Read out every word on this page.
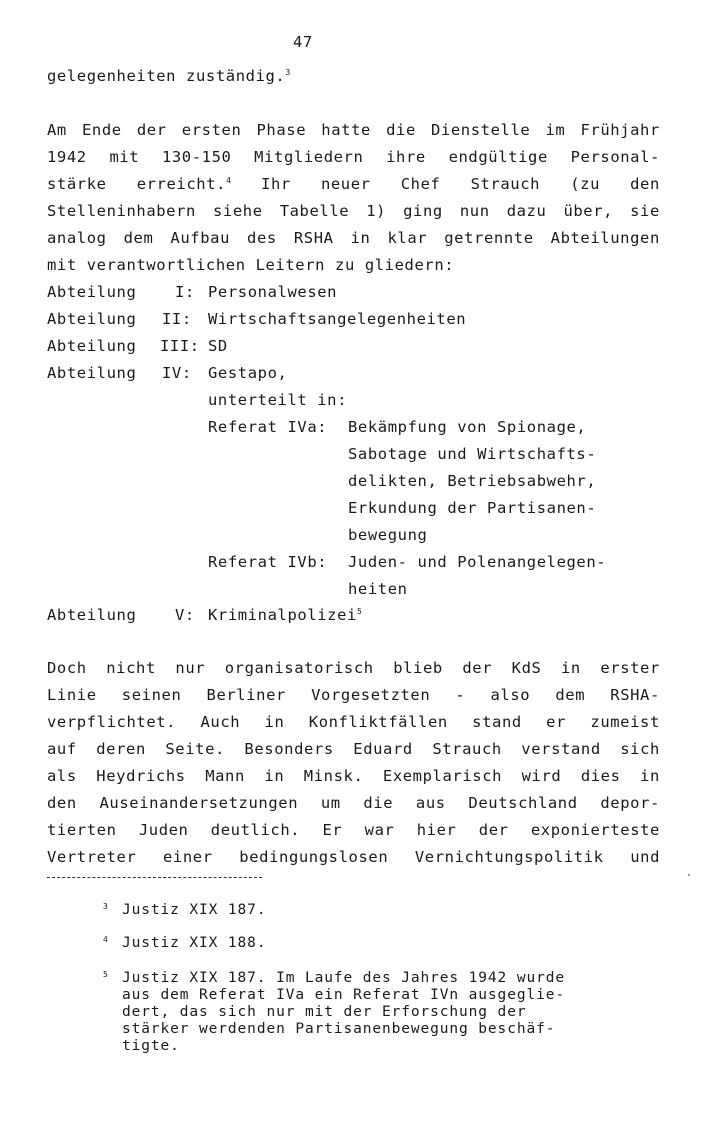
47
gelegenheiten zuständig.$^3$
Am Ende der ersten Phase hatte die Dienstelle im Frühjahr
1942 mit 130-150 Mitgliedern ihre endgültige Personal-
stärke erreicht.$^4$ Ihr neuer Chef Strauch (zu den
Stelleninhabern siehe Tabelle 1) ging nun dazu über, sie
analog dem Aufbau des RSHA in klar getrennte Abteilungen
mit verantwortlichen Leitern zu gliedern:
Abteilung I: Personalwesen
Abteilung II: Wirtschaftsangelegenheiten
Abteilung III: SD
Abteilung IV: Gestapo,
unterteilt in:
Referat IVa: Bekämpfung von Spionage,
Sabotage und Wirtschafts-
delikten, Betriebsabwehr,
Erkundung der Partisanen-
bewegung
Referat IVb: Juden- und Polenangelegen-
heiten
Abteilung V: Kriminalpolizei$^5$
Doch nicht nur organisatorisch blieb der KdS in erster
Linie seinen Berliner Vorgesetzten - also dem RSHA-
verpflichtet. Auch in Konfliktfällen stand er zumeist
auf deren Seite. Besonders Eduard Strauch verstand sich
als Heydrichs Mann in Minsk. Exemplarisch wird dies in
den Auseinandersetzungen um die aus Deutschland depor-
tierten Juden deutlich. Er war hier der exponierteste
Vertreter einer bedingungslosen Vernichtungspolitik und
$^3$ Justiz XIX 187.
$^4$ Justiz XIX 188.
$^5$ Justiz XIX 187. Im Laufe des Jahres 1942 wurde
aus dem Referat IVa ein Referat IVn ausgeglie-
dert, das sich nur mit der Erforschung der
stärker werdenden Partisanenbewegung beschäf-
tigte.
